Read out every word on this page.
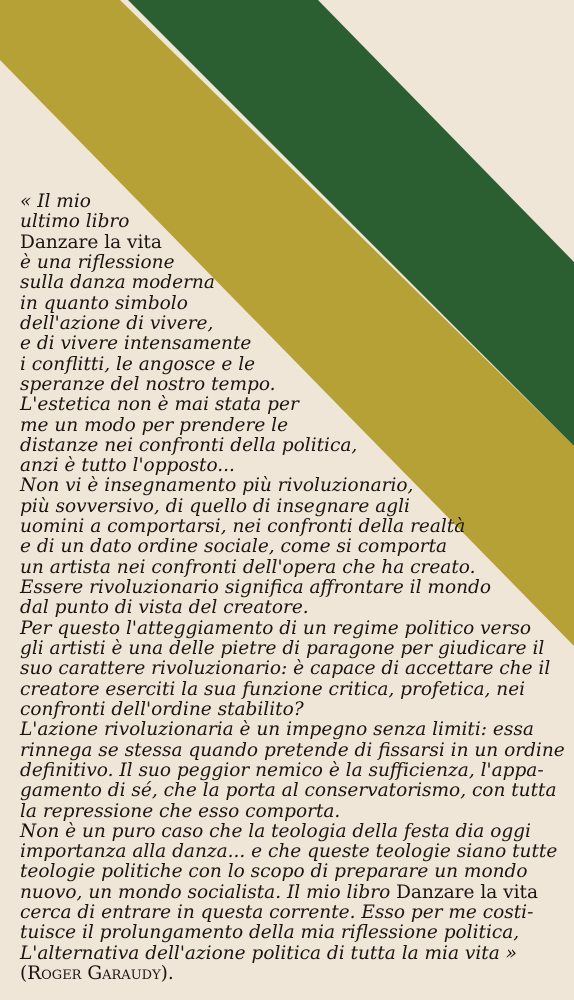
« Il mio
ultimo libro
Danzare la vita
è una riflessione
sulla danza moderna
in quanto simbolo
dell'azione di vivere,
e di vivere intensamente
i conflitti, le angosce e le
speranze del nostro tempo.
L'estetica non è mai stata per
me un modo per prendere le
distanze nei confronti della politica,
anzi è tutto l'opposto...
Non vi è insegnamento più rivoluzionario,
più sovversivo, di quello di insegnare agli
uomini a comportarsi, nei confronti della realtà
e di un dato ordine sociale, come si comporta
un artista nei confronti dell'opera che ha creato.
Essere rivoluzionario significa affrontare il mondo
dal punto di vista del creatore.
Per questo l'atteggiamento di un regime politico verso
gli artisti è una delle pietre di paragone per giudicare il
suo carattere rivoluzionario: è capace di accettare che il
creatore eserciti la sua funzione critica, profetica, nei
confronti dell'ordine stabilito?
L'azione rivoluzionaria è un impegno senza limiti: essa
rinnega se stessa quando pretende di fissarsi in un ordine
definitivo. Il suo peggior nemico è la sufficienza, l'appa-
gamento di sé, che la porta al conservatorismo, con tutta
la repressione che esso comporta.
Non è un puro caso che la teologia della festa dia oggi
importanza alla danza... e che queste teologie siano tutte
teologie politiche con lo scopo di preparare un mondo
nuovo, un mondo socialista. Il mio libro Danzare la vita
cerca di entrare in questa corrente. Esso per me costi-
tuisce il prolungamento della mia riflessione politica,
L'alternativa dell'azione politica di tutta la mia vita »
(Roger Garaudy).
